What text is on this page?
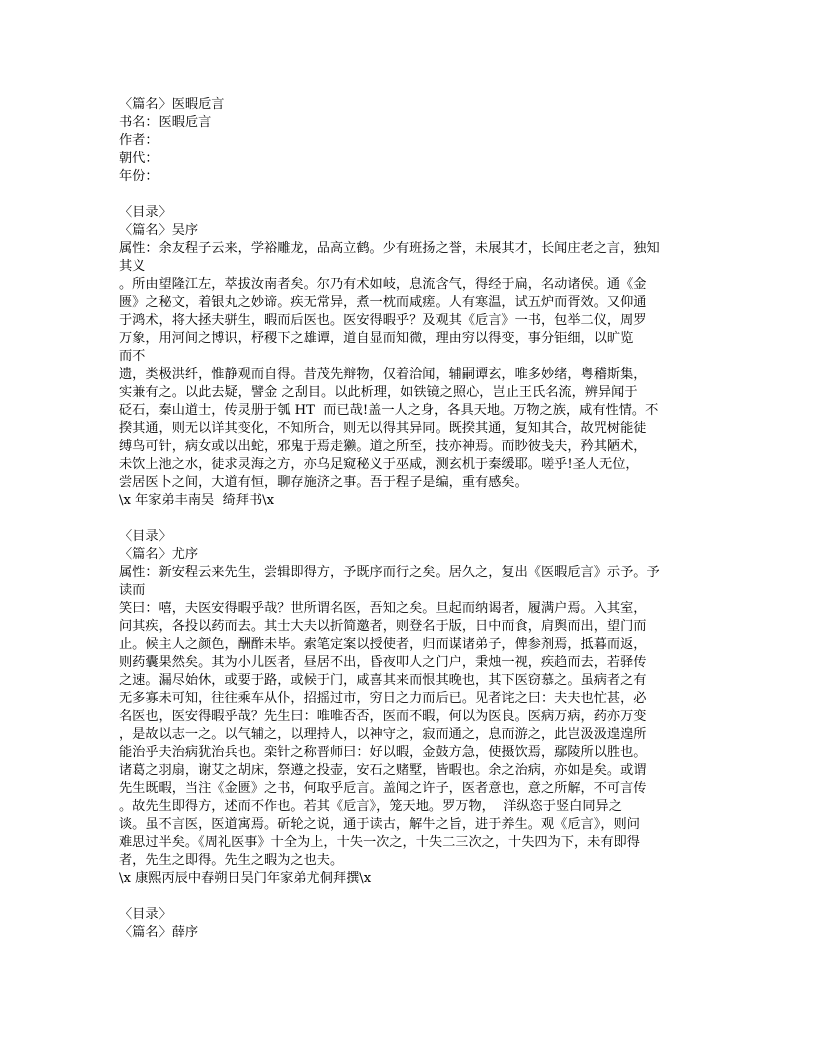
〈篇名〉医暇卮言
书名：医暇卮言
作者：
朝代：
年份：
〈目录〉
〈篇名〉吴序
属性：余友程子云来，学裕雕龙，品高立鹤。少有班扬之誉，未展其才，长闻庄老之言，独知
其义
。所由望隆江左，萃拔汝南者矣。尔乃有术如岐，息流含气，得经于扁，名动诸侯。通《金
匮》之秘文，着银丸之妙谛。疾无常异，煮一枕而咸瘥。人有寒温，试五炉而胥效。又仰通
于鸿术，将大拯夫骈生，暇而后医也。医安得暇乎？及观其《卮言》一书，包举二仪，周罗
万象，用河间之博识，杼稷下之雄谭，道自显而知微，理由穷以得变，事分钜细，以旷览
而不
遗，类极洪纤，惟静观而自得。昔茂先辩物，仅着洽闻，辅嗣谭玄，唯多妙绪，粤稽斯集，
实兼有之。以此去疑，譬金 之刮目。以此析理，如铁镜之照心，岂止王氏名流，辨异闻于
砭石，秦山道士，传灵册于瓠 HT  而已哉!盖一人之身，各具天地。万物之族，咸有性情。不
揆其通，则无以详其变化，不知所合，则无以得其异同。既揆其通，复知其合，故咒树能徒
缚鸟可针，病女或以出蛇，邪鬼于焉走獭。道之所至，技亦神焉。而眇彼戋夫，矜其陋术，
未饮上池之水，徒求灵海之方，亦乌足窥秘义于巫咸，测玄机于秦缓耶。嗟乎!圣人无位，
尝居医卜之间，大道有恒，聊存施济之事。吾于程子是编，重有感矣。
\x 年家弟丰南吴  绮拜书\x
〈目录〉
〈篇名〉尤序
属性：新安程云来先生，尝辑即得方，予既序而行之矣。居久之，复出《医暇卮言》示予。予
读而
笑曰：嘻，夫医安得暇乎哉？世所谓名医，吾知之矣。旦起而纳谒者，履满户焉。入其室，
问其疾，各投以药而去。其士大夫以折简邀者，则登名于版，日中而食，肩舆而出，望门而
止。候主人之颜色，酬酢未毕。索笔定案以授使者，归而谋诸弟子，俾参剂焉，抵暮而返，
则药囊果然矣。其为小儿医者，昼居不出，昏夜叩人之门户，秉烛一视，疾趋而去，若驿传
之速。漏尽始休，或要于路，或候于门，咸喜其来而恨其晚也，其下医窃慕之。虽病者之有
无多寡未可知，往往乘车从仆，招摇过市，穷日之力而后已。见者诧之曰：夫夫也忙甚，必
名医也，医安得暇乎哉？先生曰：唯唯否否，医而不暇，何以为医良。医病万病，药亦万变
，是故以志一之。以气辅之，以理持人，以神守之，寂而通之，息而游之，此岂汲汲遑遑所
能治乎夫治病犹治兵也。栾针之称晋师曰：好以暇，金鼓方急，使摄饮焉，鄢陵所以胜也。
诸葛之羽扇，谢艾之胡床，祭遵之投壶，安石之赌墅，皆暇也。余之治病，亦如是矣。或谓
先生既暇，当注《金匮》之书，何取乎卮言。盖闻之许子，医者意也，意之所解，不可言传
。故先生即得方，述而不作也。若其《卮言》，笼天地。罗万物，  洋纵恣于竖白同异之
谈。虽不言医，医道寓焉。斫轮之说，通于读古，解牛之旨，进于养生。观《卮言》，则问
难思过半矣。《周礼医事》十全为上，十失一次之，十失二三次之，十失四为下，未有即得
者，先生之即得。先生之暇为之也夫。
\x 康熙丙辰中春朔日吴门年家弟尤侗拜撰\x
〈目录〉
〈篇名〉薛序
